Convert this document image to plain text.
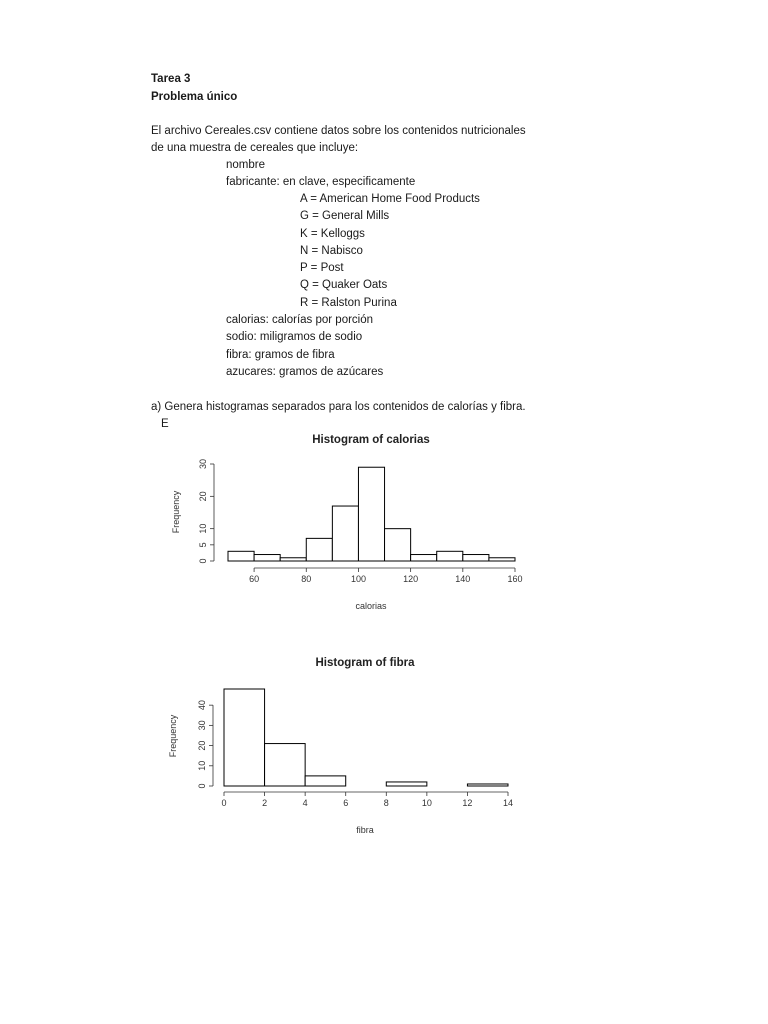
Tarea 3
Problema único
El archivo Cereales.csv contiene datos sobre los contenidos nutricionales
de una muestra de cereales que incluye:
nombre
fabricante: en clave, especificamente
A = American Home Food Products
G = General Mills
K = Kelloggs
N = Nabisco
P = Post
Q = Quaker Oats
R = Ralston Purina
calorias: calorías por porción
sodio: miligramos de sodio
fibra: gramos de fibra
azucares: gramos de azúcares
a) Genera histogramas separados para los contenidos de calorías y fibra.
E
Histogram of calorias
Frequency
calorias
60	80	100	120	140	160
0
5
10
20
30
Histogram of fibra
Frequency
fibra
0	2	4	6	8	10	12	14
0
10
20
30
40
